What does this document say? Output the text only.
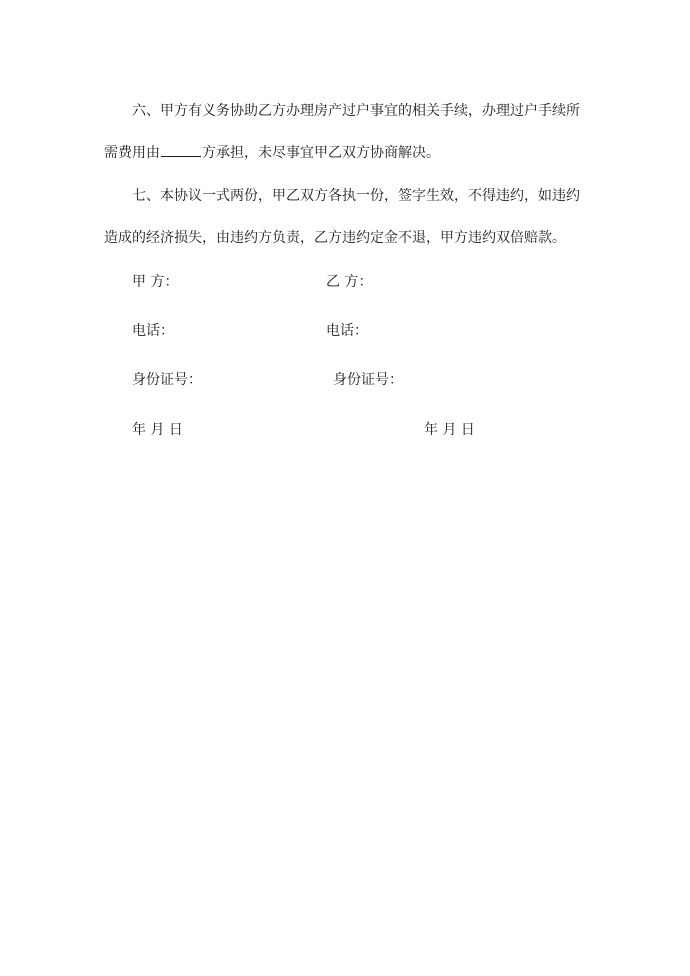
六、甲方有义务协助乙方办理房产过户事宜的相关手续，办理过户手续所
需费用由	方承担，未尽事宜甲乙双方协商解决。

七、本协议一式两份，甲乙双方各执一份，签字生效，不得违约，如违约
造成的经济损失，由违约方负责，乙方违约定金不退，甲方违约双倍赔款。

甲 方：	乙 方：
电话：	电话：
身份证号：	身份证号：
年 月 日	年 月 日
